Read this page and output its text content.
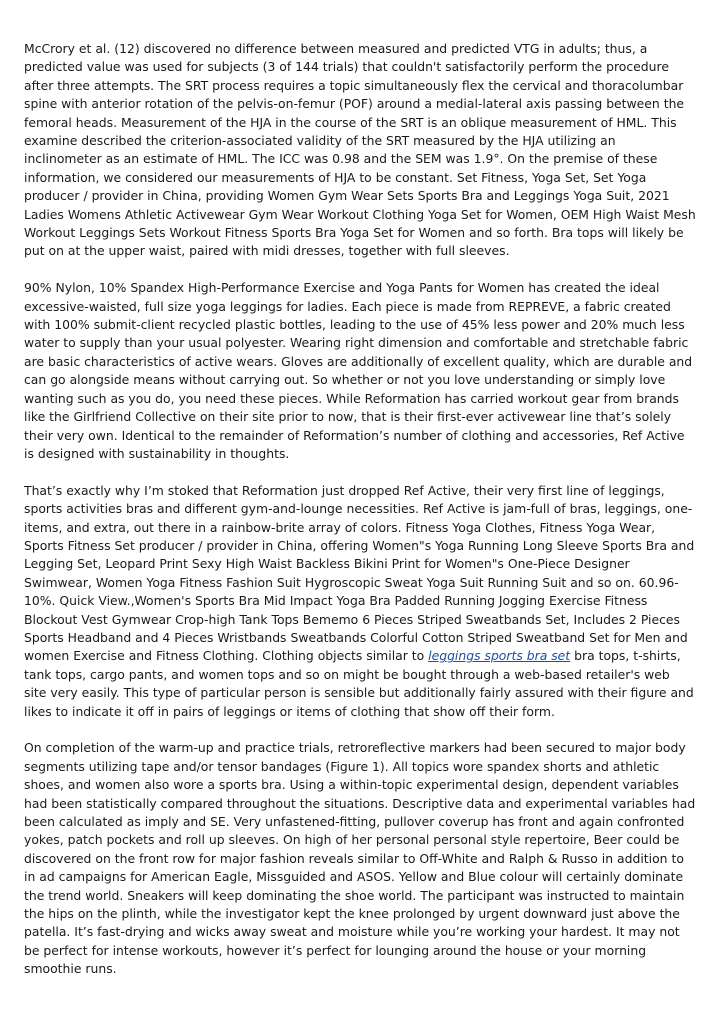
McCrory et al. (12) discovered no difference between measured and predicted VTG in adults; thus, a predicted value was used for subjects (3 of 144 trials) that couldn't satisfactorily perform the procedure after three attempts. The SRT process requires a topic simultaneously flex the cervical and thoracolumbar spine with anterior rotation of the pelvis-on-femur (POF) around a medial-lateral axis passing between the femoral heads. Measurement of the HJA in the course of the SRT is an oblique measurement of HML. This examine described the criterion-associated validity of the SRT measured by the HJA utilizing an inclinometer as an estimate of HML. The ICC was 0.98 and the SEM was 1.9°. On the premise of these information, we considered our measurements of HJA to be constant. Set Fitness, Yoga Set, Set Yoga producer / provider in China, providing Women Gym Wear Sets Sports Bra and Leggings Yoga Suit, 2021 Ladies Womens Athletic Activewear Gym Wear Workout Clothing Yoga Set for Women, OEM High Waist Mesh Workout Leggings Sets Workout Fitness Sports Bra Yoga Set for Women and so forth. Bra tops will likely be put on at the upper waist, paired with midi dresses, together with full sleeves.

90% Nylon, 10% Spandex High-Performance Exercise and Yoga Pants for Women has created the ideal excessive-waisted, full size yoga leggings for ladies. Each piece is made from REPREVE, a fabric created with 100% submit-client recycled plastic bottles, leading to the use of 45% less power and 20% much less water to supply than your usual polyester. Wearing right dimension and comfortable and stretchable fabric are basic characteristics of active wears. Gloves are additionally of excellent quality, which are durable and can go alongside means without carrying out. So whether or not you love understanding or simply love wanting such as you do, you need these pieces. While Reformation has carried workout gear from brands like the Girlfriend Collective on their site prior to now, that is their first-ever activewear line that’s solely their very own. Identical to the remainder of Reformation’s number of clothing and accessories, Ref Active is designed with sustainability in thoughts.

That’s exactly why I’m stoked that Reformation just dropped Ref Active, their very first line of leggings, sports activities bras and different gym-and-lounge necessities. Ref Active is jam-full of bras, leggings, one-items, and extra, out there in a rainbow-brite array of colors. Fitness Yoga Clothes, Fitness Yoga Wear, Sports Fitness Set producer / provider in China, offering Women"s Yoga Running Long Sleeve Sports Bra and Legging Set, Leopard Print Sexy High Waist Backless Bikini Print for Women"s One-Piece Designer Swimwear, Women Yoga Fitness Fashion Suit Hygroscopic Sweat Yoga Suit Running Suit and so on. 60.96-10%. Quick View.,Women's Sports Bra Mid Impact Yoga Bra Padded Running Jogging Exercise Fitness Blockout Vest Gymwear Crop-high Tank Tops Bememo 6 Pieces Striped Sweatbands Set, Includes 2 Pieces Sports Headband and 4 Pieces Wristbands Sweatbands Colorful Cotton Striped Sweatband Set for Men and women Exercise and Fitness Clothing. Clothing objects similar to leggings sports bra set bra tops, t-shirts, tank tops, cargo pants, and women tops and so on might be bought through a web-based retailer's web site very easily. This type of particular person is sensible but additionally fairly assured with their figure and likes to indicate it off in pairs of leggings or items of clothing that show off their form.

On completion of the warm-up and practice trials, retroreflective markers had been secured to major body segments utilizing tape and/or tensor bandages (Figure 1). All topics wore spandex shorts and athletic shoes, and women also wore a sports bra. Using a within-topic experimental design, dependent variables had been statistically compared throughout the situations. Descriptive data and experimental variables had been calculated as imply and SE. Very unfastened-fitting, pullover coverup has front and again confronted yokes, patch pockets and roll up sleeves. On high of her personal personal style repertoire, Beer could be discovered on the front row for major fashion reveals similar to Off-White and Ralph & Russo in addition to in ad campaigns for American Eagle, Missguided and ASOS. Yellow and Blue colour will certainly dominate the trend world. Sneakers will keep dominating the shoe world. The participant was instructed to maintain the hips on the plinth, while the investigator kept the knee prolonged by urgent downward just above the patella. It’s fast-drying and wicks away sweat and moisture while you’re working your hardest. It may not be perfect for intense workouts, however it’s perfect for lounging around the house or your morning smoothie runs.
